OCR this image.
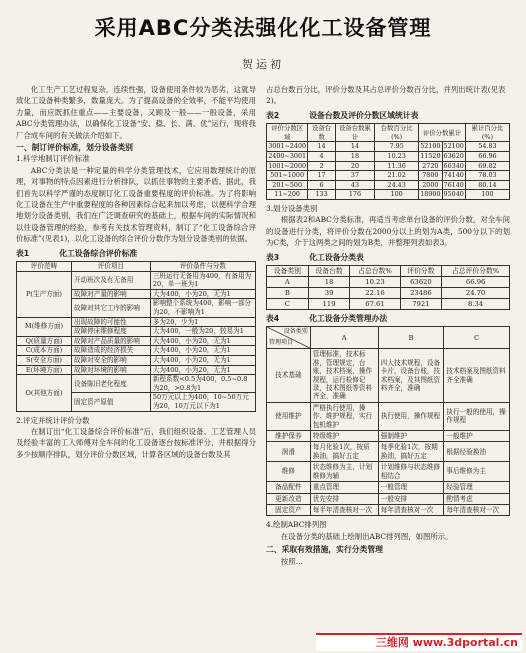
采用ABC分类法强化化工设备管理
贺运初

化工生产工艺过程复杂，连续性强，设备使用条件较为恶劣，这就导致化工设备种类繁多，数量庞大。为了提高设备的全效率，不能平均使用力量，而应既抓住重点——主要设备，又顾及一般——一般设备，采用ABC分类管理办法，以确保化工设备“安、稳、长、满、优”运行，现将我厂合成车间的有关做法介绍如下。

一、制订评价标准，划分设备类别

1.科学地制订评价标准

ABC分类法是一种定量的科学分类管理技术，它应用数理统计的原理，对事物的特点因素进行分析排队，以抓住事物的主要矛盾。据此，我们首先以科学严谨的态度制订化工设备重要程度的评价标准。为了将影响化工设备在生产中重要程度的各种因素综合起来加以考虑，以便科学合理地划分设备类别，我们在广泛调查研究的基础上，根据车间的实际情况和以往设备管理的经验，参考有关技术管理资料，制订了“化工设备综合评价标准”(见表1)，以化工设备的综合评价分数作为划分设备类别的依据。

表1	化工设备综合评价标准
评价范畴	评价项目	评价条件与分数
P(生产方面)	开动班次及有无备用	三班运行无备用为400，有备用为20，单一班为1
	故障对产量的影响	大为400，小为20，无为1
	故障对其它工序的影响	影响整个系统为400，影响一部分为20，不影响为1
M(维修方面)	出现故障的可能性	多为20，少为1
	故障停床维修程度	大为400，一般为20，较易为1
Q(质量方面)	故障对产品质量的影响	大为400，小为20，无为1
C(成本方面)	故障造成的经济损失	大为400，小为20，无为1
S(安全方面)	故障对安全的影响	大为400，小为20，无为1
E(环境方面)	故障对环境的影响	大为400，小为20，无为1
O(其他方面)	设备陈旧老化程度	新程系数<0.5为400，0.5~0.8为20，>0.8为1
	固定资产原值	50万元以上为400，10~50万元为20，10万元以下为1

2.评定并统计评价分数

在制订出“化工设备综合评价标准”后，我们组织设备、工艺管理人员及经验丰富的工人师傅对全车间的化工设备逐台按标准评分，并根据得分多少按顺序排队，划分评价分数区域，计算各区域的设备台数及其

占总台数百分比，评价分数及其占总评价分数百分比，并列出统计表(见表2)。

表2	设备台数及评价分数区域统计表
评价分数区域	设备台数	设备台数累计	台数百分比(%)	评价分数累计		累计百分比(%)
3001~2400	14	14	7.95	52100	52100	54.83
2400~3001	4	18	10.23	11520	63620	66.96
1001~2000	2	20	11.36	2720	66340	69.82
501~1000	17	37	21.02	7800	74140	78.03
201~500	6	43	24.43	2000	76140	80.14
11~200	133	176	100	18900	95040	100

3.划分设备类别

根据表2和ABC分类标准，再适当考虑单台设备的评价分数，对全车间的设备进行分类，将评价分数在2000分以上的划为A类，500分以下的划为C类，介于这两类之间的划为B类，并整理列表如表3。

表3	化工设备分类表
设备类别	设备台数	占总台数%	评价分数	占总评价分数%
A	18	10.23	63620	66.96
B	39	22.16	23486	24.70
C	119	67.61	7921	8.34
表4	化工设备分类管理办法
设备类别
管理项目	A	B	C
技术基础	管理标准，技术标准，管理规定，台账，技术档案，操作规程，运行检修记录，技术图纸等资料齐全，准确	四大技术规程，设备卡片，设备台账，技术档案，及其图纸资料齐全，准确	技术档案及图纸资料齐全准确
使用维护	严格执行使用，操作、维护规程，实行包机维护	执行使用，操作规程	执行一般的使用，操作规程
维护保养	特级维护	强制维护	一般维护
润滑	每月化验1次，按质换油，搞好五定	每季化验1次，按期换油，搞好五定	根据经验换油
维修	状态维修为主，计划维修为辅	计划维修与状态维修相结合	事后维修为主
备品配件	重点管理	一般管理	经验管理
更新改造	优先安排	一般安排	酌情考虑
固定资产	每半年清查核对一次	每年清查核对一次	每年清查核对一次

4.绘制ABC排列图

在设备分类的基础上绘制出ABC排列图，如图所示。

二、采取有效措施，实行分类管理

按照…

三维网 www.3dportal.cn
